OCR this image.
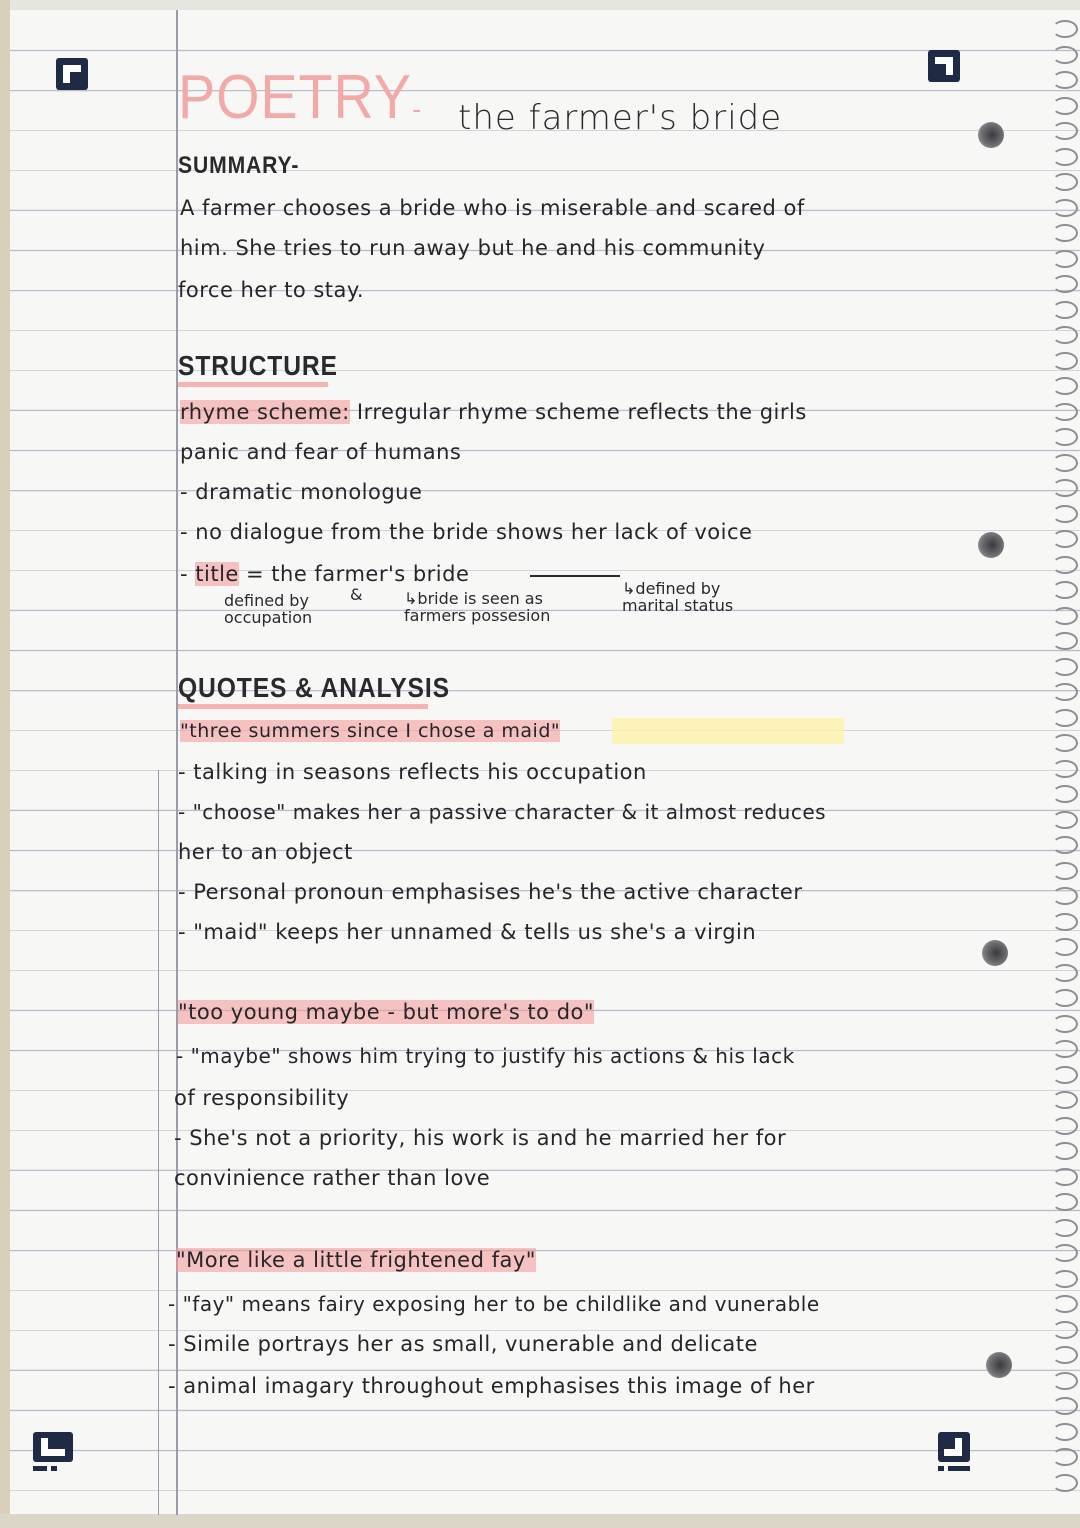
POETRY - the farmer's bride
SUMMARY-

A farmer chooses a bride who is miserable and scared of

him. She tries to run away but he and his community

force her to stay.

STRUCTURE

rhyme scheme: Irregular rhyme scheme reflects the girls

panic and fear of humans

- dramatic monologue

- no dialogue from the bride shows her lack of voice

- title = the farmer's bride

defined by
occupation

&	↳bride is seen as
farmers possesion

↳defined by
marital status

QUOTES & ANALYSIS

"three summers since I chose a maid"

- talking in seasons reflects his occupation

- "choose" makes her a passive character & it almost reduces

her to an object

- Personal pronoun emphasises he's the active character

- "maid" keeps her unnamed & tells us she's a virgin

"too young maybe - but more's to do"

- "maybe" shows him trying to justify his actions & his lack

of responsibility

- She's not a priority, his work is and he married her for

convinience rather than love

"More like a little frightened fay"

- "fay" means fairy exposing her to be childlike and vunerable

- Simile portrays her as small, vunerable and delicate

- animal imagary throughout emphasises this image of her
